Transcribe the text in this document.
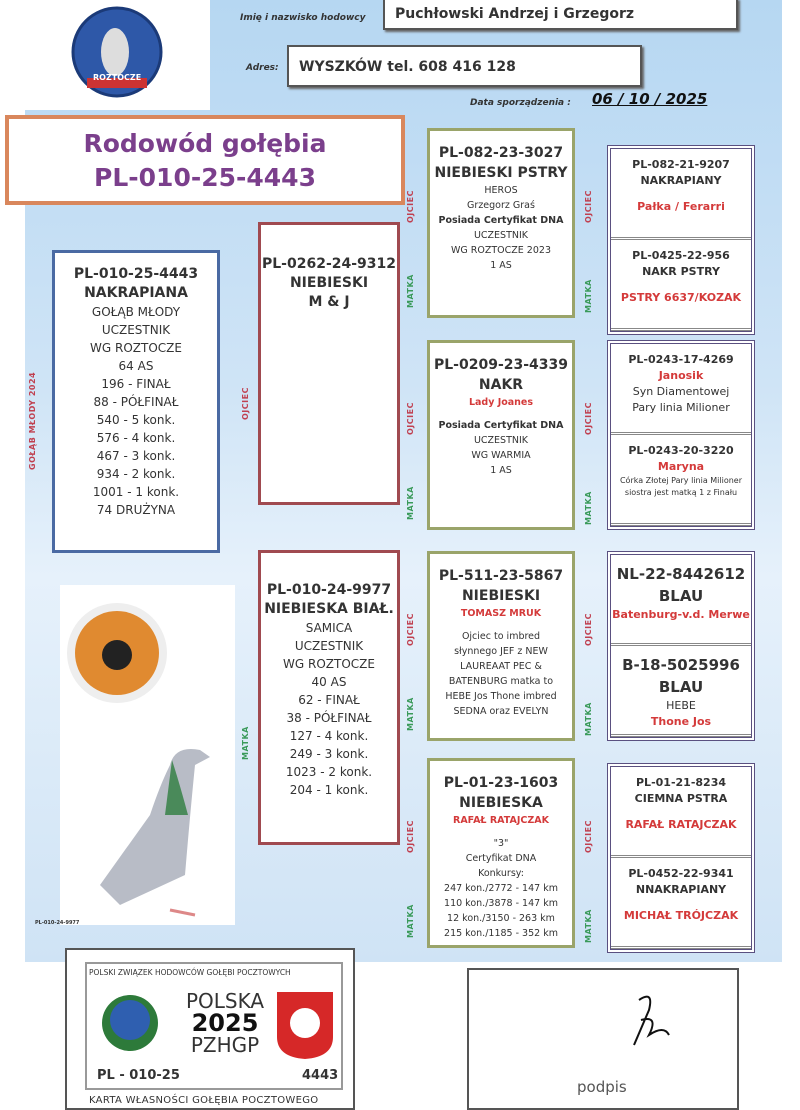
ROZTOCZE
Imię i nazwisko hodowcy	Puchłowski Andrzej i Grzegorz
Adres:	WYSZKÓW tel. 608 416 128
Data sporządzenia : 06 / 10 / 2025
Rodowód gołębia
PL-010-25-4443
GOŁĄB MŁODY 2024
PL-010-25-4443
NAKRAPIANA
GOŁĄB MŁODY
UCZESTNIK
WG ROZTOCZE
64 AS
196 - FINAŁ
88 - PÓŁFINAŁ
540 - 5 konk.
576 - 4 konk.
467 - 3 konk.
934 - 2 konk.
1001 - 1 konk.
74 DRUŻYNA
OJCIEC
PL-0262-24-9312
NIEBIESKI
M & J
MATKA
PL-010-24-9977
PL-010-24-9977
NIEBIESKA BIAŁ.
SAMICA
UCZESTNIK
WG ROZTOCZE
40 AS
62 - FINAŁ
38 - PÓŁFINAŁ
127 - 4 konk.
249 - 3 konk.
1023 - 2 konk.
204 - 1 konk.
PL-082-23-3027
NIEBIESKI PSTRY
HEROS
Grzegorz Graś
Posiada Certyfikat DNA
UCZESTNIK
WG ROZTOCZE 2023
1 AS
OJCIEC
MATKA
OJCIEC
MATKA
PL-0209-23-4339
NAKR
Lady Joanes
Posiada Certyfikat DNA
UCZESTNIK
WG WARMIA
1 AS
OJCIEC
MATKA
OJCIEC
MATKA
PL-511-23-5867
NIEBIESKI
TOMASZ MRUK
Ojciec to imbred
słynnego JEF z NEW
LAUREAAT PEC &
BATENBURG matka to
HEBE Jos Thone imbred
SEDNA oraz EVELYN
OJCIEC
MATKA
OJCIEC
MATKA
PL-01-23-1603
NIEBIESKA
RAFAŁ RATAJCZAK
"3"
Certyfikat DNA
Konkursy:
247 kon./2772 - 147 km
110 kon./3878 - 147 km
12 kon./3150 - 263 km
215 kon./1185 - 352 km
OJCIEC
MATKA
OJCIEC
MATKA
PL-082-21-9207
NAKRAPIANY
Pałka / Ferarri
PL-0425-22-956
NAKR PSTRY
PSTRY 6637/KOZAK
PL-0243-17-4269
Janosik
Syn Diamentowej
Pary linia Milioner
PL-0243-20-3220
Maryna
Córka Złotej Pary linia Milioner
siostra jest matką 1 z Finału
NL-22-8442612
BLAU
Batenburg-v.d. Merwe
B-18-5025996
BLAU
HEBE
Thone Jos
PL-01-21-8234
CIEMNA PSTRA
RAFAŁ RATAJCZAK
PL-0452-22-9341
NNAKRAPIANY
MICHAŁ TRÓJCZAK
POLSKI ZWIĄZEK HODOWCÓW GOŁĘBI POCZTOWYCH
POLSKA
2025
PZHGP
PL - 010-25	4443
KARTA WŁASNOŚCI GOŁĘBIA POCZTOWEGO
podpis
